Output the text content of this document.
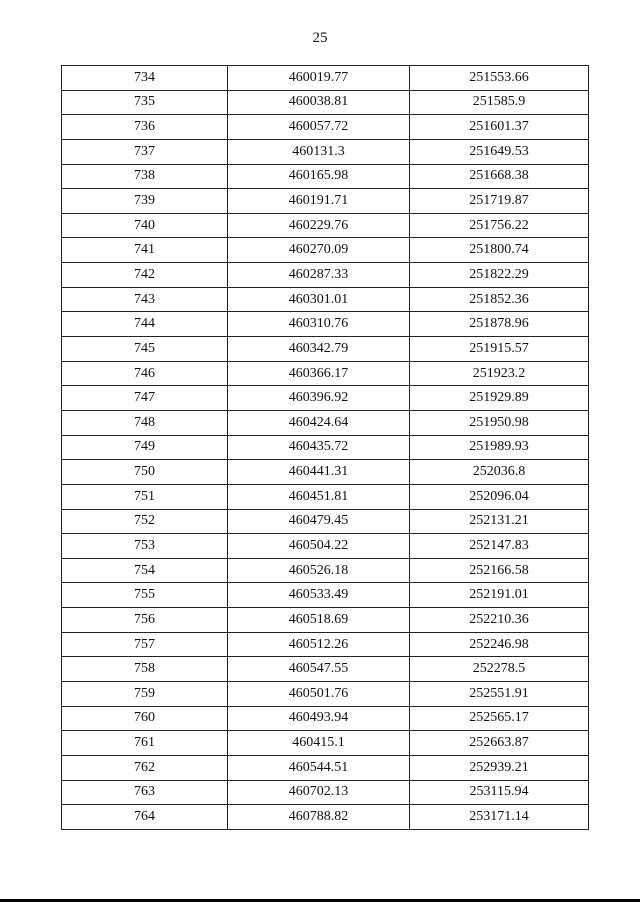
25
734	460019.77	251553.66
735	460038.81	251585.9
736	460057.72	251601.37
737	460131.3	251649.53
738	460165.98	251668.38
739	460191.71	251719.87
740	460229.76	251756.22
741	460270.09	251800.74
742	460287.33	251822.29
743	460301.01	251852.36
744	460310.76	251878.96
745	460342.79	251915.57
746	460366.17	251923.2
747	460396.92	251929.89
748	460424.64	251950.98
749	460435.72	251989.93
750	460441.31	252036.8
751	460451.81	252096.04
752	460479.45	252131.21
753	460504.22	252147.83
754	460526.18	252166.58
755	460533.49	252191.01
756	460518.69	252210.36
757	460512.26	252246.98
758	460547.55	252278.5
759	460501.76	252551.91
760	460493.94	252565.17
761	460415.1	252663.87
762	460544.51	252939.21
763	460702.13	253115.94
764	460788.82	253171.14
